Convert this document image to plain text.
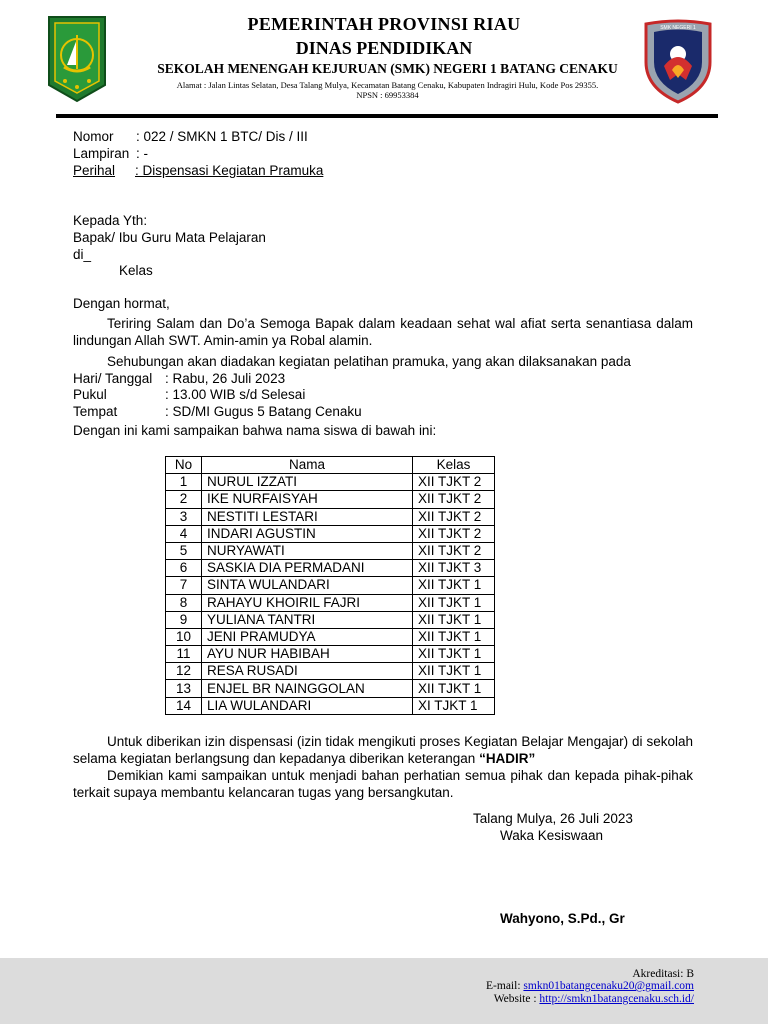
SMK NEGERI 1
PEMERINTAH PROVINSI RIAU
DINAS PENDIDIKAN
SEKOLAH MENENGAH KEJURUAN (SMK) NEGERI 1 BATANG CENAKU
Alamat : Jalan Lintas Selatan, Desa Talang Mulya, Kecamatan Batang Cenaku, Kabupaten Indragiri Hulu, Kode Pos 29355.
NPSN : 69953384
Nomor : 022 / SMKN 1 BTC/ Dis / III
Lampiran : -
Perihal : Dispensasi Kegiatan Pramuka
Kepada Yth:
Bapak/ Ibu Guru Mata Pelajaran
di_
Kelas
Dengan hormat,
Teriring Salam dan Do’a Semoga Bapak dalam keadaan sehat wal afiat serta senantiasa dalam lindungan Allah SWT. Amin-amin ya Robal alamin.
Sehubungan akan diadakan kegiatan pelatihan pramuka, yang akan dilaksanakan pada
Hari/ Tanggal : Rabu, 26 Juli 2023
Pukul	: 13.00 WIB s/d Selesai
Tempat	: SD/MI Gugus 5 Batang Cenaku
Dengan ini kami sampaikan bahwa nama siswa di bawah ini:
No	Nama	Kelas
1	NURUL IZZATI	XII TJKT 2
2	IKE NURFAISYAH	XII TJKT 2
3	NESTITI LESTARI	XII TJKT 2
4	INDARI AGUSTIN	XII TJKT 2
5	NURYAWATI	XII TJKT 2
6	SASKIA DIA PERMADANI	XII TJKT 3
7	SINTA WULANDARI	XII TJKT 1
8	RAHAYU KHOIRIL FAJRI	XII TJKT 1
9	YULIANA TANTRI	XII TJKT 1
10	JENI PRAMUDYA	XII TJKT 1
11	AYU NUR HABIBAH	XII TJKT 1
12	RESA RUSADI	XII TJKT 1
13	ENJEL BR NAINGGOLAN	XII TJKT 1
14	LIA WULANDARI	XI TJKT 1
Untuk diberikan izin dispensasi (izin tidak mengikuti proses Kegiatan Belajar Mengajar) di sekolah selama kegiatan berlangsung dan kepadanya diberikan keterangan “HADIR”
Demikian kami sampaikan untuk menjadi bahan perhatian semua pihak dan kepada pihak-pihak terkait supaya membantu kelancaran tugas yang bersangkutan.
Talang Mulya, 26 Juli 2023
Waka Kesiswaan
Wahyono, S.Pd., Gr
Akreditasi: B
E-mail: smkn01batangcenaku20@gmail.com
Website : http://smkn1batangcenaku.sch.id/
